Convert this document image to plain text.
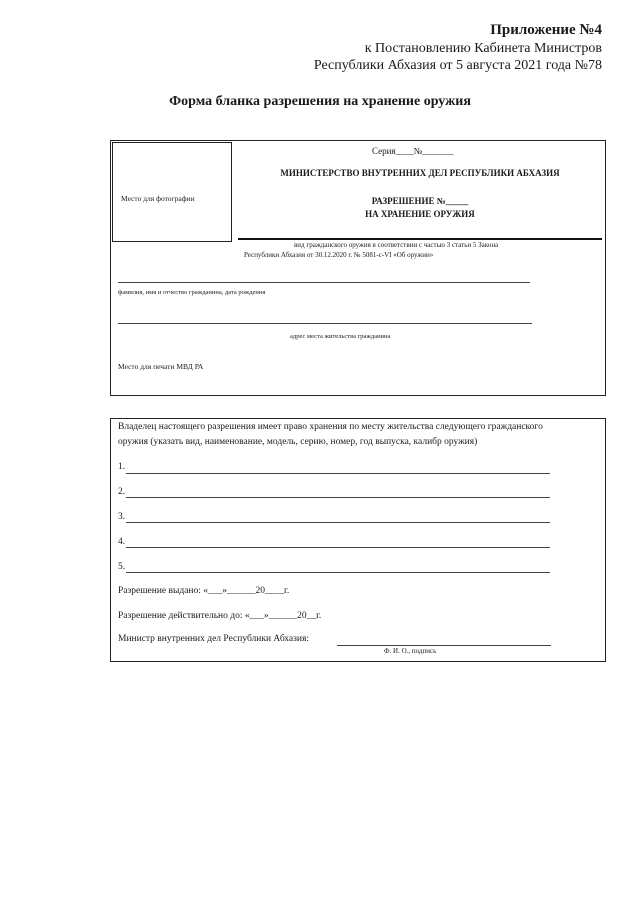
Приложение №4
к Постановлению Кабинета Министров
Республики Абхазия от 5 августа 2021 года №78
Форма бланка разрешения на хранение оружия
Место для фотографии
Серия____№_______
МИНИСТЕРСТВО ВНУТРЕННИХ ДЕЛ РЕСПУБЛИКИ АБХАЗИЯ
РАЗРЕШЕНИЕ №_____
НА ХРАНЕНИЕ ОРУЖИЯ
вид гражданского оружия в соответствии с частью 3 статьи 5 Закона
Республики Абхазия от 30.12.2020 г. № 5081-с-VI «Об оружии»
фамилия, имя и отчество гражданина, дата рождения
адрес места жительства гражданина
Место для печати МВД РА
Владелец настоящего разрешения имеет право хранения по месту жительства следующего гражданского
оружия (указать вид, наименование, модель, серию, номер, год выпуска, калибр оружия)
1.
2.
3.
4.
5.
Разрешение выдано: «___»______20____г.
Разрешение действительно до: «___»______20__г.
Министр внутренних дел Республики Абхазия:
Ф. И. О., подпись
